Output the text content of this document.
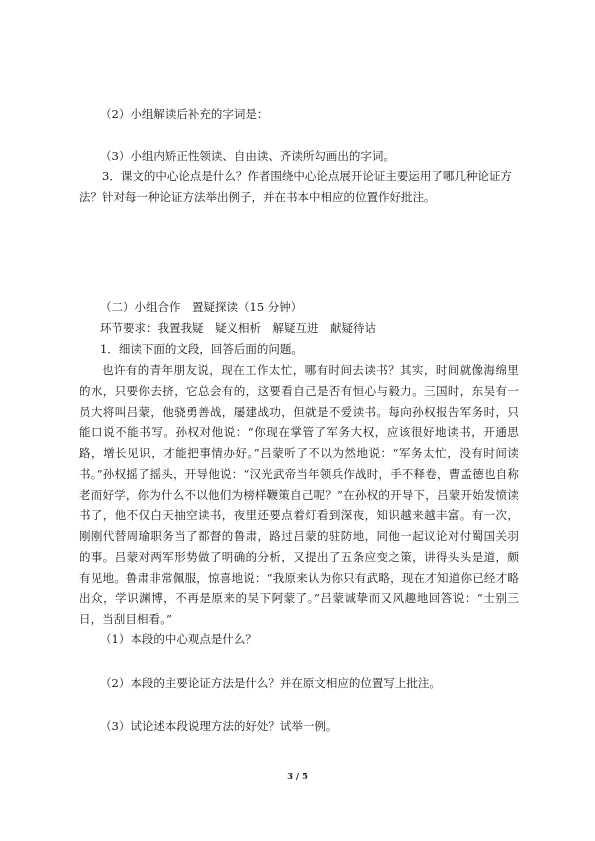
（2）小组解读后补充的字词是：
（3）小组内矫正性领读、自由读、齐读所勾画出的字词。
3．课文的中心论点是什么？作者围绕中心论点展开论证主要运用了哪几种论证方法？针对每一种论证方法举出例子，并在书本中相应的位置作好批注。
（二）小组合作　置疑探读（15 分钟）
环节要求：我置我疑　疑义相析　解疑互进　献疑待诂
1．细读下面的文段，回答后面的问题。
也许有的青年朋友说，现在工作太忙，哪有时间去读书？其实，时间就像海绵里的水，只要你去挤，它总会有的，这要看自己是否有恒心与毅力。三国时，东吴有一员大将叫吕蒙，他骁勇善战，屡建战功，但就是不爱读书。每向孙权报告军务时，只能口说不能书写。孙权对他说：“你现在掌管了军务大权，应该很好地读书，开通思路，增长见识，才能把事情办好。”吕蒙听了不以为然地说：“军务太忙，没有时间读书。”孙权摇了摇头，开导他说：“汉光武帝当年领兵作战时，手不释卷，曹孟德也自称老而好学，你为什么不以他们为榜样鞭策自己呢？”在孙权的开导下，吕蒙开始发愤读书了，他不仅白天抽空读书，夜里还要点着灯看到深夜，知识越来越丰富。有一次，刚刚代替周瑜职务当了都督的鲁肃，路过吕蒙的驻防地，同他一起议论对付蜀国关羽的事。吕蒙对两军形势做了明确的分析，又提出了五条应变之策，讲得头头是道，颇有见地。鲁肃非常佩服，惊喜地说：“我原来认为你只有武略，现在才知道你已经才略出众，学识渊博，不再是原来的吴下阿蒙了。”吕蒙诚挚而又风趣地回答说：“士别三日，当刮目相看。”
（1）本段的中心观点是什么？
（2）本段的主要论证方法是什么？并在原文相应的位置写上批注。
（3）试论述本段说理方法的好处？试举一例。
3 / 5
